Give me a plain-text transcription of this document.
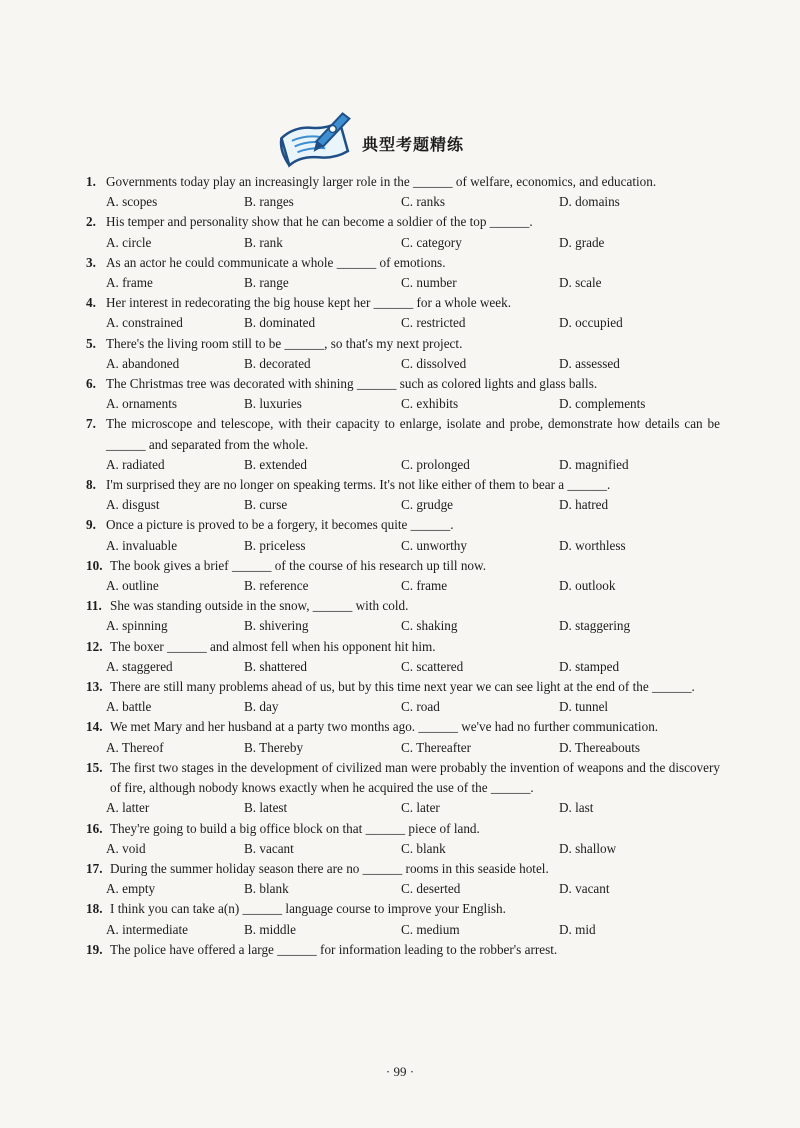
典型考题精练
1. Governments today play an increasingly larger role in the ______ of welfare, economics, and education.
A. scopes	B. ranges	C. ranks	D. domains
2. His temper and personality show that he can become a soldier of the top ______.
A. circle	B. rank	C. category	D. grade
3. As an actor he could communicate a whole ______ of emotions.
A. frame	B. range	C. number	D. scale
4. Her interest in redecorating the big house kept her ______ for a whole week.
A. constrained	B. dominated	C. restricted	D. occupied
5. There's the living room still to be ______, so that's my next project.
A. abandoned	B. decorated	C. dissolved	D. assessed
6. The Christmas tree was decorated with shining ______ such as colored lights and glass balls.
A. ornaments	B. luxuries	C. exhibits	D. complements
7. The microscope and telescope, with their capacity to enlarge, isolate and probe, demonstrate how details can be ______ and separated from the whole.
A. radiated	B. extended	C. prolonged	D. magnified
8. I'm surprised they are no longer on speaking terms. It's not like either of them to bear a ______.
A. disgust	B. curse	C. grudge	D. hatred
9. Once a picture is proved to be a forgery, it becomes quite ______.
A. invaluable	B. priceless	C. unworthy	D. worthless
10. The book gives a brief ______ of the course of his research up till now.
A. outline	B. reference	C. frame	D. outlook
11. She was standing outside in the snow, ______ with cold.
A. spinning	B. shivering	C. shaking	D. staggering
12. The boxer ______ and almost fell when his opponent hit him.
A. staggered	B. shattered	C. scattered	D. stamped
13. There are still many problems ahead of us, but by this time next year we can see light at the end of the ______.
A. battle	B. day	C. road	D. tunnel
14. We met Mary and her husband at a party two months ago. ______ we've had no further communication.
A. Thereof	B. Thereby	C. Thereafter	D. Thereabouts
15. The first two stages in the development of civilized man were probably the invention of weapons and the discovery of fire, although nobody knows exactly when he acquired the use of the ______.
A. latter	B. latest	C. later	D. last
16. They're going to build a big office block on that ______ piece of land.
A. void	B. vacant	C. blank	D. shallow
17. During the summer holiday season there are no ______ rooms in this seaside hotel.
A. empty	B. blank	C. deserted	D. vacant
18. I think you can take a(n) ______ language course to improve your English.
A. intermediate	B. middle	C. medium	D. mid
19. The police have offered a large ______ for information leading to the robber's arrest.
· 99 ·
